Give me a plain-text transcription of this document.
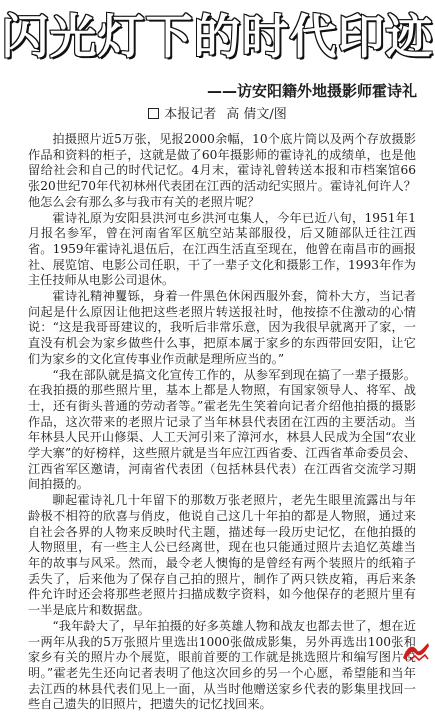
闪光灯下的时代印迹
——访安阳籍外地摄影师霍诗礼
本报记者 高 倩文/图

拍摄照片近5万张，见报2000余幅，10个底片筒以及两个存放摄影作品和资料的柜子，这就是做了60年摄影师的霍诗礼的成绩单，也是他留给社会和自己的时代记忆。4月末，霍诗礼曾转送本报和市档案馆66张20世纪70年代初林州代表团在江西的活动纪实照片。霍诗礼何许人？他怎么会有那么多与我市有关的老照片呢？

霍诗礼原为安阳县洪河屯乡洪河屯集人，今年已近八旬，1951年1月报名参军，曾在河南省军区航空站某部服役，后又随部队迁往江西省。1959年霍诗礼退伍后，在江西生活直至现在，他曾在南昌市的画报社、展览馆、电影公司任职，干了一辈子文化和摄影工作，1993年作为主任技师从电影公司退休。

霍诗礼精神矍铄，身着一件黑色休闲西服外套，简朴大方，当记者问起是什么原因让他把这些老照片转送报社时，他按捺不住激动的心情说：“这是我哥哥建议的，我听后非常乐意，因为我很早就离开了家，一直没有机会为家乡做些什么事，把原本属于家乡的东西带回安阳，让它们为家乡的文化宣传事业作贡献是理所应当的。”

“我在部队就是搞文化宣传工作的，从参军到现在搞了一辈子摄影。在我拍摄的那些照片里，基本上都是人物照，有国家领导人、将军、战士，还有街头普通的劳动者等。”霍老先生笑着向记者介绍他拍摄的摄影作品，这次带来的老照片记录了当年林县代表团在江西的主要活动。当年林县人民开山修渠、人工天河引来了漳河水，林县人民成为全国“农业学大寨”的好榜样，这些照片就是当年应江西省委、江西省革命委员会、江西省军区邀请，河南省代表团（包括林县代表）在江西省交流学习期间拍摄的。

聊起霍诗礼几十年留下的那数万张老照片，老先生眼里流露出与年龄极不相符的欣喜与俏皮，他说自己这几十年拍的都是人物照，通过来自社会各界的人物来反映时代主题，描述每一段历史记忆，在他拍摄的人物照里，有一些主人公已经离世，现在也只能通过照片去追忆英雄当年的故事与风采。然而，最令老人懊悔的是曾经有两个装照片的纸箱子丢失了，后来他为了保存自己拍的照片，制作了两只铁皮箱，再后来条件允许时还会将那些老照片扫描成数字资料，如今他保存的老照片里有一半是底片和数据盘。

“我年龄大了，早年拍摄的好多英雄人物和战友也都去世了，想在近一两年从我的5万张照片里选出1000张做成影集，另外再选出100张和家乡有关的照片办个展览，眼前首要的工作就是挑选照片和编写图片说明。”霍老先生还向记者表明了他这次回乡的另一个心愿，希望能和当年去江西的林县代表们见上一面，从当时他赠送家乡代表的影集里找回一些自己遗失的旧照片，把遗失的记忆找回来。
